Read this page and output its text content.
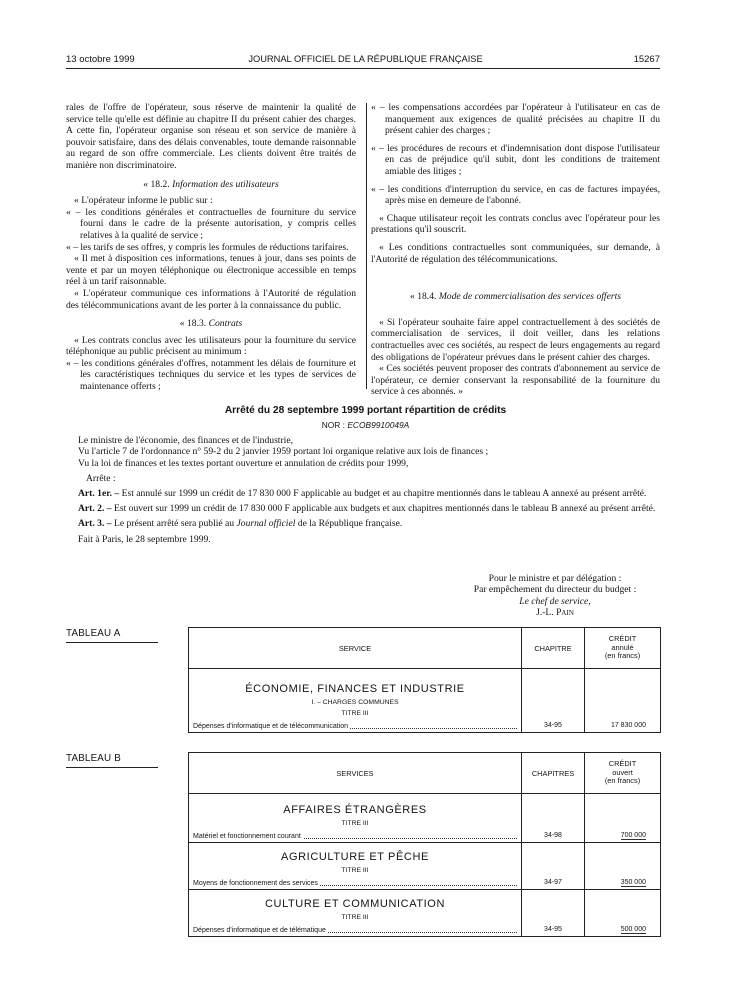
13 octobre 1999	JOURNAL OFFICIEL DE LA RÉPUBLIQUE FRANÇAISE	15267

rales de l'offre de l'opérateur, sous réserve de maintenir la qualité de service telle qu'elle est définie au chapitre II du présent cahier des charges. A cette fin, l'opérateur organise son réseau et son service de manière à pouvoir satisfaire, dans des délais convenables, toute demande raisonnable au regard de son offre commerciale. Les clients doivent être traités de manière non discriminatoire.

« 18.2. Information des utilisateurs

« L'opérateur informe le public sur :

« – les conditions générales et contractuelles de fourniture du service fourni dans le cadre de la présente autorisation, y compris celles relatives à la qualité de service ;

« – les tarifs de ses offres, y compris les formules de réductions tarifaires.

« Il met à disposition ces informations, tenues à jour, dans ses points de vente et par un moyen téléphonique ou électronique accessible en temps réel à un tarif raisonnable.

« L'opérateur communique ces informations à l'Autorité de régulation des télécommunications avant de les porter à la connaissance du public.

« 18.3. Contrats

« Les contrats conclus avec les utilisateurs pour la fourniture du service téléphonique au public précisent au minimum :

« – les conditions générales d'offres, notamment les délais de fourniture et les caractéristiques techniques du service et les types de services de maintenance offerts ;

« – les compensations accordées par l'opérateur à l'utilisateur en cas de manquement aux exigences de qualité précisées au chapitre II du présent cahier des charges ;

« – les procédures de recours et d'indemnisation dont dispose l'utilisateur en cas de préjudice qu'il subit, dont les conditions de traitement amiable des litiges ;

« – les conditions d'interruption du service, en cas de factures impayées, après mise en demeure de l'abonné.

« Chaque utilisateur reçoit les contrats conclus avec l'opérateur pour les prestations qu'il souscrit.

« Les conditions contractuelles sont communiquées, sur demande, à l'Autorité de régulation des télécommunications.

« 18.4. Mode de commercialisation des services offerts

« Si l'opérateur souhaite faire appel contractuellement à des sociétés de commercialisation de services, il doit veiller, dans les relations contractuelles avec ces sociétés, au respect de leurs engagements au regard des obligations de l'opérateur prévues dans le présent cahier des charges.

« Ces sociétés peuvent proposer des contrats d'abonnement au service de l'opérateur, ce dernier conservant la responsabilité de la fourniture du service à ces abonnés. »

Arrêté du 28 septembre 1999 portant répartition de crédits
NOR : ECOB9910049A

Le ministre de l'économie, des finances et de l'industrie,

Vu l'article 7 de l'ordonnance n° 59-2 du 2 janvier 1959 portant loi organique relative aux lois de finances ;

Vu la loi de finances et les textes portant ouverture et annulation de crédits pour 1999,

Arrête :

Art. 1er. – Est annulé sur 1999 un crédit de 17 830 000 F applicable au budget et au chapitre mentionnés dans le tableau A annexé au présent arrêté.

Art. 2. – Est ouvert sur 1999 un crédit de 17 830 000 F applicable aux budgets et aux chapitres mentionnés dans le tableau B annexé au présent arrêté.

Art. 3. – Le présent arrêté sera publié au Journal officiel de la République française.

Fait à Paris, le 28 septembre 1999.

Pour le ministre et par délégation :

Par empêchement du directeur du budget :

Le chef de service,

J.-L. Pain

TABLEAU A
SERVICE	CHAPITRE	CRÉDIT
annulé
(en francs)

ÉCONOMIE, FINANCES ET INDUSTRIE
I. – CHARGES COMMUNES
TITRE III		

Dépenses d'informatique et de télécommunication	34-95	17 830 000
TABLEAU B
SERVICES	CHAPITRES	CRÉDIT
ouvert
(en francs)

AFFAIRES ÉTRANGÈRES
TITRE III		

Matériel et fonctionnement courant	34-98	700 000

AGRICULTURE ET PÊCHE
TITRE III		

Moyens de fonctionnement des services	34-97	350 000

CULTURE ET COMMUNICATION
TITRE III		

Dépenses d'informatique et de télématique	34-95	500 000
